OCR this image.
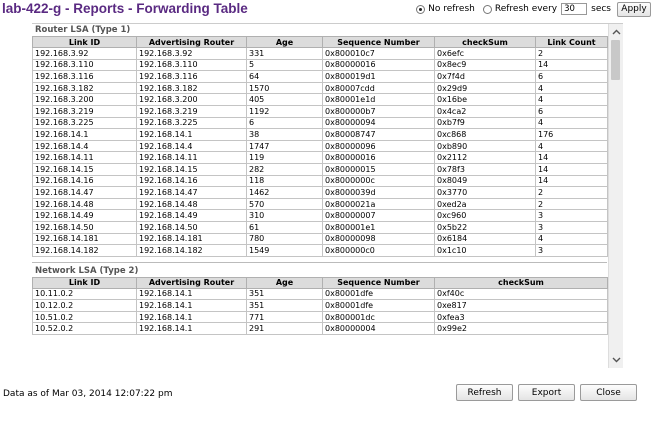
lab-422-g - Reports - Forwarding Table	No refresh Refresh every
30	secs	Apply
Router LSA (Type 1)
Link ID	Advertising Router	Age	Sequence Number	checkSum	Link Count
192.168.3.92	192.168.3.92	331	0x800010c7	0x6efc	2
192.168.3.110	192.168.3.110	5	0x80000016	0x8ec9	14
192.168.3.116	192.168.3.116	64	0x800019d1	0x7f4d	6
192.168.3.182	192.168.3.182	1570	0x80007cdd	0x29d9	4
192.168.3.200	192.168.3.200	405	0x80001e1d	0x16be	4
192.168.3.219	192.168.3.219	1192	0x800000b7	0x4ca2	6
192.168.3.225	192.168.3.225	6	0x80000094	0xb7f9	4
192.168.14.1	192.168.14.1	38	0x80008747	0xc868	176
192.168.14.4	192.168.14.4	1747	0x80000096	0xb890	4
192.168.14.11	192.168.14.11	119	0x80000016	0x2112	14
192.168.14.15	192.168.14.15	282	0x80000015	0x78f3	14
192.168.14.16	192.168.14.16	118	0x8000000c	0x8049	14
192.168.14.47	192.168.14.47	1462	0x8000039d	0x3770	2
192.168.14.48	192.168.14.48	570	0x8000021a	0xed2a	2
192.168.14.49	192.168.14.49	310	0x80000007	0xc960	3
192.168.14.50	192.168.14.50	61	0x800001e1	0x5b22	3
192.168.14.181	192.168.14.181	780	0x80000098	0x6184	4
192.168.14.182	192.168.14.182	1549	0x800000c0	0x1c10	3
Network LSA (Type 2)
Link ID	Advertising Router	Age	Sequence Number	checkSum
10.11.0.2	192.168.14.1	351	0x80001dfe	0xf40c
10.12.0.2	192.168.14.1	351	0x80001dfe	0xe817
10.51.0.2	192.168.14.1	771	0x800001dc	0xfea3
10.52.0.2	192.168.14.1	291	0x80000004	0x99e2
Data as of Mar 03, 2014 12:07:22 pm	Refresh	Export	Close
